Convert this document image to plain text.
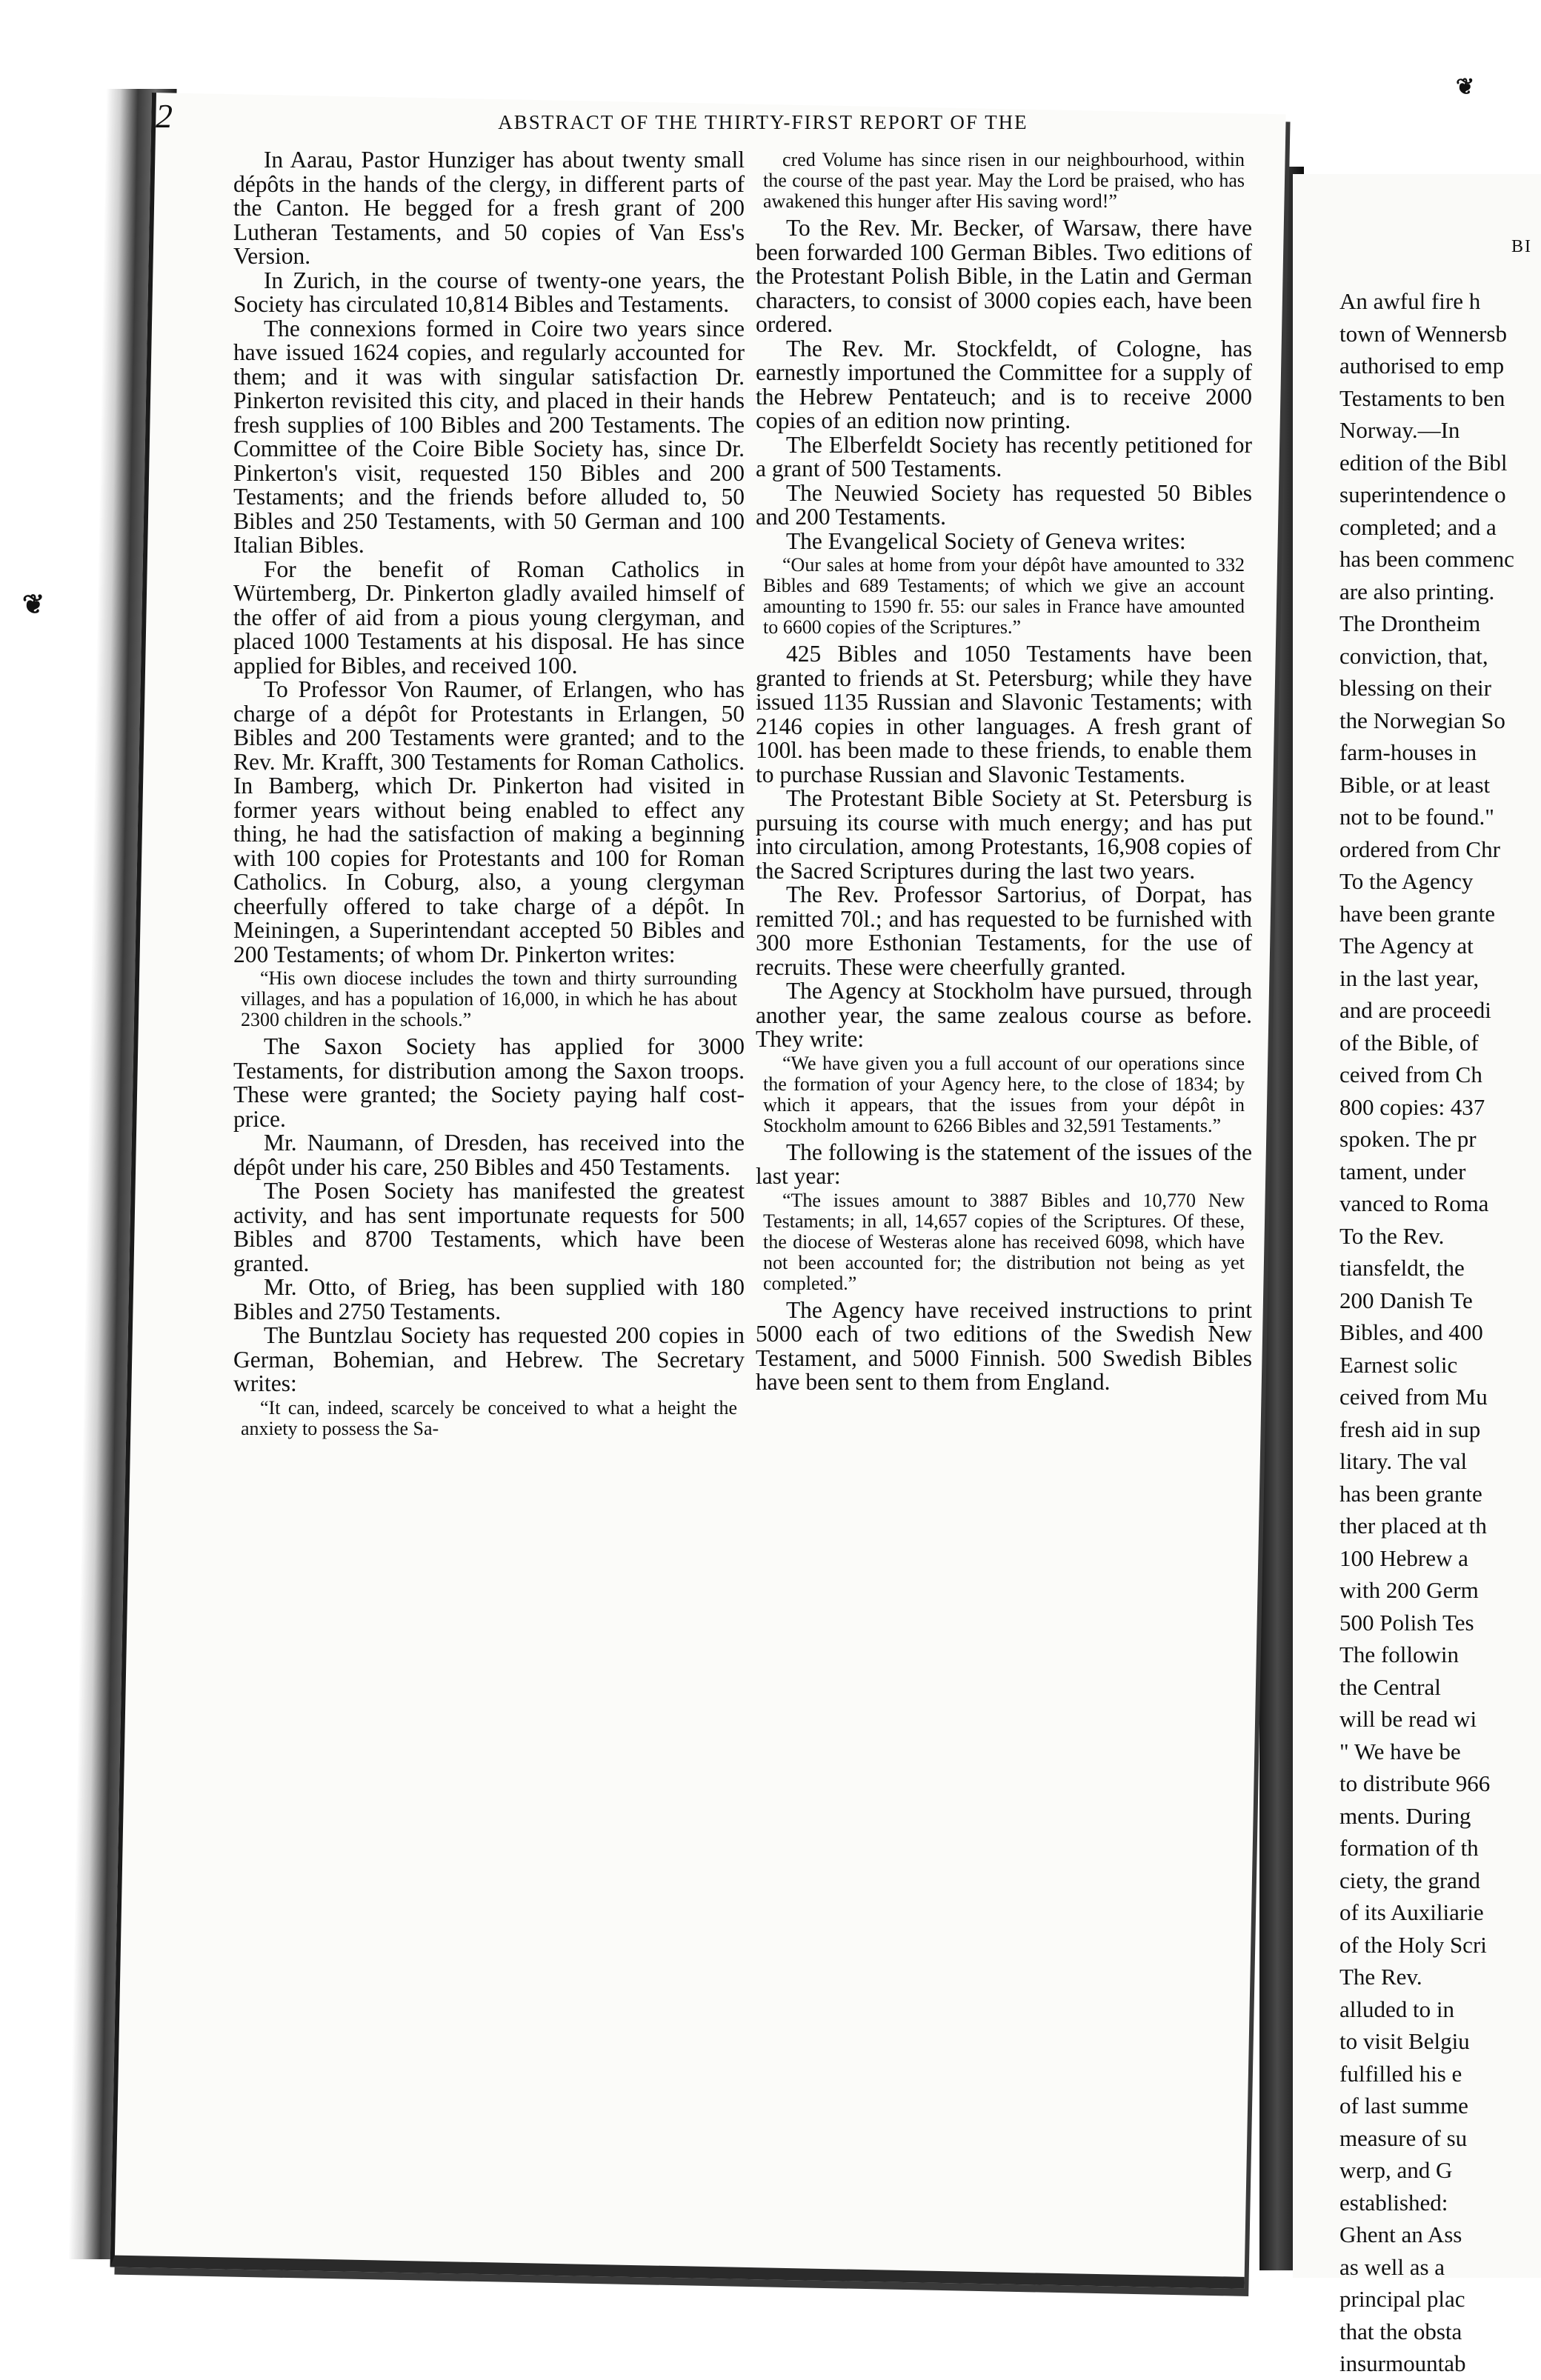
BI
An awful fire h
town of Wennersb
authorised to emp
Testaments to ben
Norway.—In
edition of the Bibl
superintendence o
completed; and a
has been commenc
are also printing.
The Drontheim
conviction, that,
blessing on their
the Norwegian So
farm-houses in
Bible, or at least
not to be found."
ordered from Chr
To the Agency
have been grante
The Agency at
in the last year,
and are proceedi
of the Bible, of
ceived from Ch
800 copies: 437
spoken. The pr
tament, under
vanced to Roma
To the Rev.
tiansfeldt, the
200 Danish Te
Bibles, and 400
Earnest solic
ceived from Mu
fresh aid in sup
litary. The val
has been grante
ther placed at th
100 Hebrew a
with 200 Germ
500 Polish Tes
The followin
the Central
will be read wi
" We have be
to distribute 966
ments. During
formation of th
ciety, the grand
of its Auxiliarie
of the Holy Scri
The Rev.
alluded to in
to visit Belgiu
fulfilled his e
of last summe
measure of su
werp, and G
established:
Ghent an Ass
as well as a
principal plac
that the obsta
insurmountab
2	ABSTRACT OF THE THIRTY-FIRST REPORT OF THE

In Aarau, Pastor Hunziger has about twenty small dépôts in the hands of the clergy, in different parts of the Canton. He begged for a fresh grant of 200 Lutheran Testaments, and 50 copies of Van Ess's Version.

In Zurich, in the course of twenty-one years, the Society has circulated 10,814 Bibles and Testaments.

The connexions formed in Coire two years since have issued 1624 copies, and regularly accounted for them; and it was with singular satisfaction Dr. Pinkerton revisited this city, and placed in their hands fresh supplies of 100 Bibles and 200 Testaments. The Committee of the Coire Bible Society has, since Dr. Pinkerton's visit, requested 150 Bibles and 200 Testaments; and the friends before alluded to, 50 Bibles and 250 Testaments, with 50 German and 100 Italian Bibles.

For the benefit of Roman Catholics in Würtemberg, Dr. Pinkerton gladly availed himself of the offer of aid from a pious young clergyman, and placed 1000 Testaments at his disposal. He has since applied for Bibles, and received 100.

To Professor Von Raumer, of Erlangen, who has charge of a dépôt for Protestants in Erlangen, 50 Bibles and 200 Testaments were granted; and to the Rev. Mr. Krafft, 300 Testaments for Roman Catholics. In Bamberg, which Dr. Pinkerton had visited in former years without being enabled to effect any thing, he had the satisfaction of making a beginning with 100 copies for Protestants and 100 for Roman Catholics. In Coburg, also, a young clergyman cheerfully offered to take charge of a dépôt. In Meiningen, a Superintendant accepted 50 Bibles and 200 Testaments; of whom Dr. Pinkerton writes:

“His own diocese includes the town and thirty surrounding villages, and has a population of 16,000, in which he has about 2300 children in the schools.”

The Saxon Society has applied for 3000 Testaments, for distribution among the Saxon troops. These were granted; the Society paying half cost-price.

Mr. Naumann, of Dresden, has received into the dépôt under his care, 250 Bibles and 450 Testaments.

The Posen Society has manifested the greatest activity, and has sent importunate requests for 500 Bibles and 8700 Testaments, which have been granted.

Mr. Otto, of Brieg, has been supplied with 180 Bibles and 2750 Testaments.

The Buntzlau Society has requested 200 copies in German, Bohemian, and Hebrew. The Secretary writes:

“It can, indeed, scarcely be conceived to what a height the anxiety to possess the Sa-

cred Volume has since risen in our neighbourhood, within the course of the past year. May the Lord be praised, who has awakened this hunger after His saving word!”

To the Rev. Mr. Becker, of Warsaw, there have been forwarded 100 German Bibles. Two editions of the Protestant Polish Bible, in the Latin and German characters, to consist of 3000 copies each, have been ordered.

The Rev. Mr. Stockfeldt, of Cologne, has earnestly importuned the Committee for a supply of the Hebrew Pentateuch; and is to receive 2000 copies of an edition now printing.

The Elberfeldt Society has recently petitioned for a grant of 500 Testaments.

The Neuwied Society has requested 50 Bibles and 200 Testaments.

The Evangelical Society of Geneva writes:

“Our sales at home from your dépôt have amounted to 332 Bibles and 689 Testaments; of which we give an account amounting to 1590 fr. 55: our sales in France have amounted to 6600 copies of the Scriptures.”

425 Bibles and 1050 Testaments have been granted to friends at St. Petersburg; while they have issued 1135 Russian and Slavonic Testaments; with 2146 copies in other languages. A fresh grant of 100l. has been made to these friends, to enable them to purchase Russian and Slavonic Testaments.

The Protestant Bible Society at St. Petersburg is pursuing its course with much energy; and has put into circulation, among Protestants, 16,908 copies of the Sacred Scriptures during the last two years.

The Rev. Professor Sartorius, of Dorpat, has remitted 70l.; and has requested to be furnished with 300 more Esthonian Testaments, for the use of recruits. These were cheerfully granted.

The Agency at Stockholm have pursued, through another year, the same zealous course as before. They write:

“We have given you a full account of our operations since the formation of your Agency here, to the close of 1834; by which it appears, that the issues from your dépôt in Stockholm amount to 6266 Bibles and 32,591 Testaments.”

The following is the statement of the issues of the last year:

“The issues amount to 3887 Bibles and 10,770 New Testaments; in all, 14,657 copies of the Scriptures. Of these, the diocese of Westeras alone has received 6098, which have not been accounted for; the distribution not being as yet completed.”

The Agency have received instructions to print 5000 each of two editions of the Swedish New Testament, and 5000 Finnish. 500 Swedish Bibles have been sent to them from England.

❦
❦
